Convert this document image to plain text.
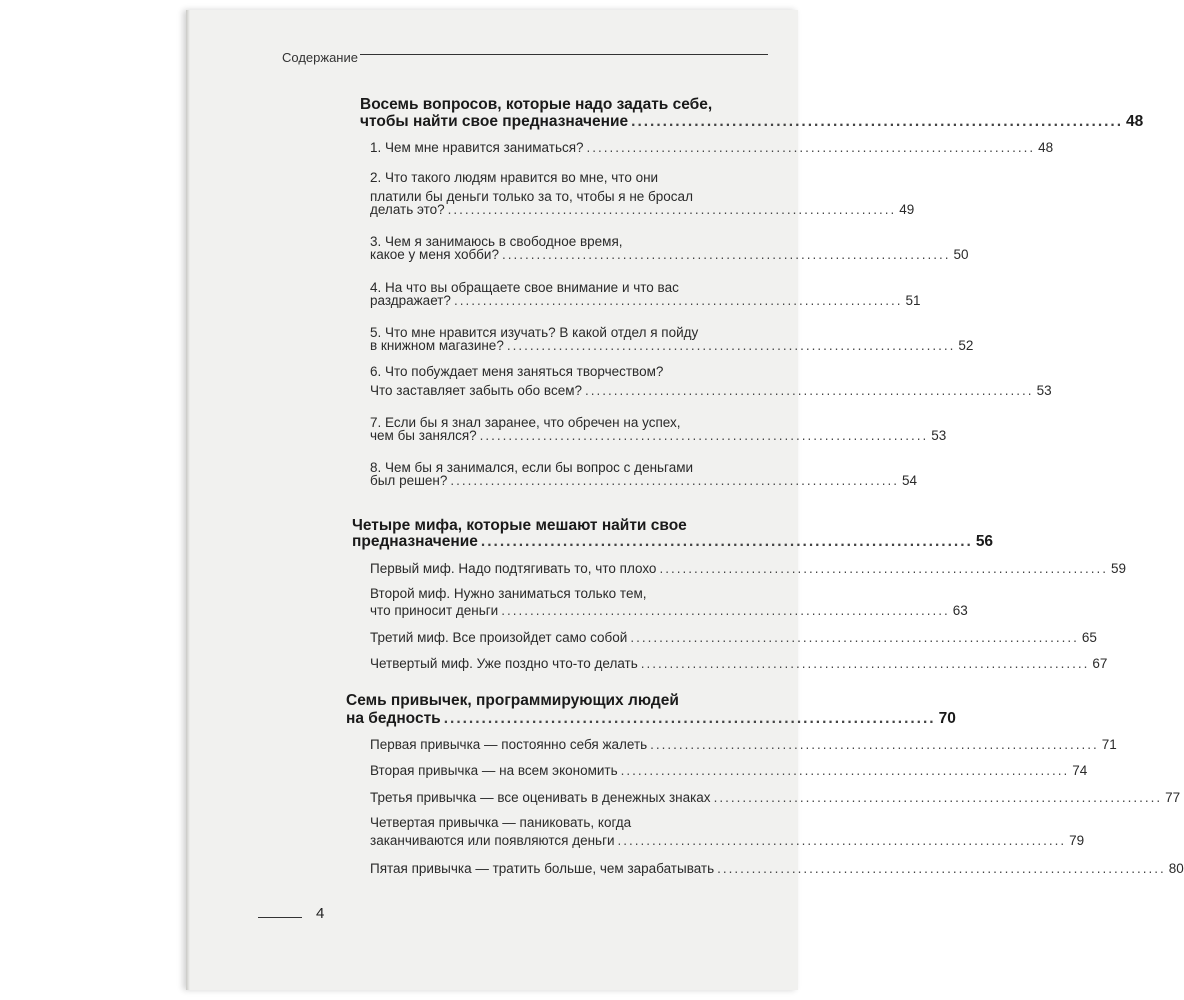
Содержание
Восемь вопросов, которые надо задать себе,
чтобы найти свое предназначение .............................................................................. 48
1. Чем мне нравится заниматься? .............................................................................. 48
2. Что такого людям нравится во мне, что они
платили бы деньги только за то, чтобы я не бросал
делать это? .............................................................................. 49
3. Чем я занимаюсь в свободное время,
какое у меня хобби? .............................................................................. 50
4. На что вы обращаете свое внимание и что вас
раздражает? .............................................................................. 51
5. Что мне нравится изучать? В какой отдел я пойду
в книжном магазине? .............................................................................. 52
6. Что побуждает меня заняться творчеством?
Что заставляет забыть обо всем? .............................................................................. 53
7. Если бы я знал заранее, что обречен на успех,
чем бы занялся? .............................................................................. 53
8. Чем бы я занимался, если бы вопрос с деньгами
был решен? .............................................................................. 54
Четыре мифа, которые мешают найти свое
предназначение .............................................................................. 56
Первый миф. Надо подтягивать то, что плохо .............................................................................. 59
Второй миф. Нужно заниматься только тем,
что приносит деньги .............................................................................. 63
Третий миф. Все произойдет само собой .............................................................................. 65
Четвертый миф. Уже поздно что-то делать .............................................................................. 67
Семь привычек, программирующих людей
на бедность .............................................................................. 70
Первая привычка — постоянно себя жалеть .............................................................................. 71
Вторая привычка — на всем экономить .............................................................................. 74
Третья привычка — все оценивать в денежных знаках .............................................................................. 77
Четвертая привычка — паниковать, когда
заканчиваются или появляются деньги .............................................................................. 79
Пятая привычка — тратить больше, чем зарабатывать .............................................................................. 80
4
